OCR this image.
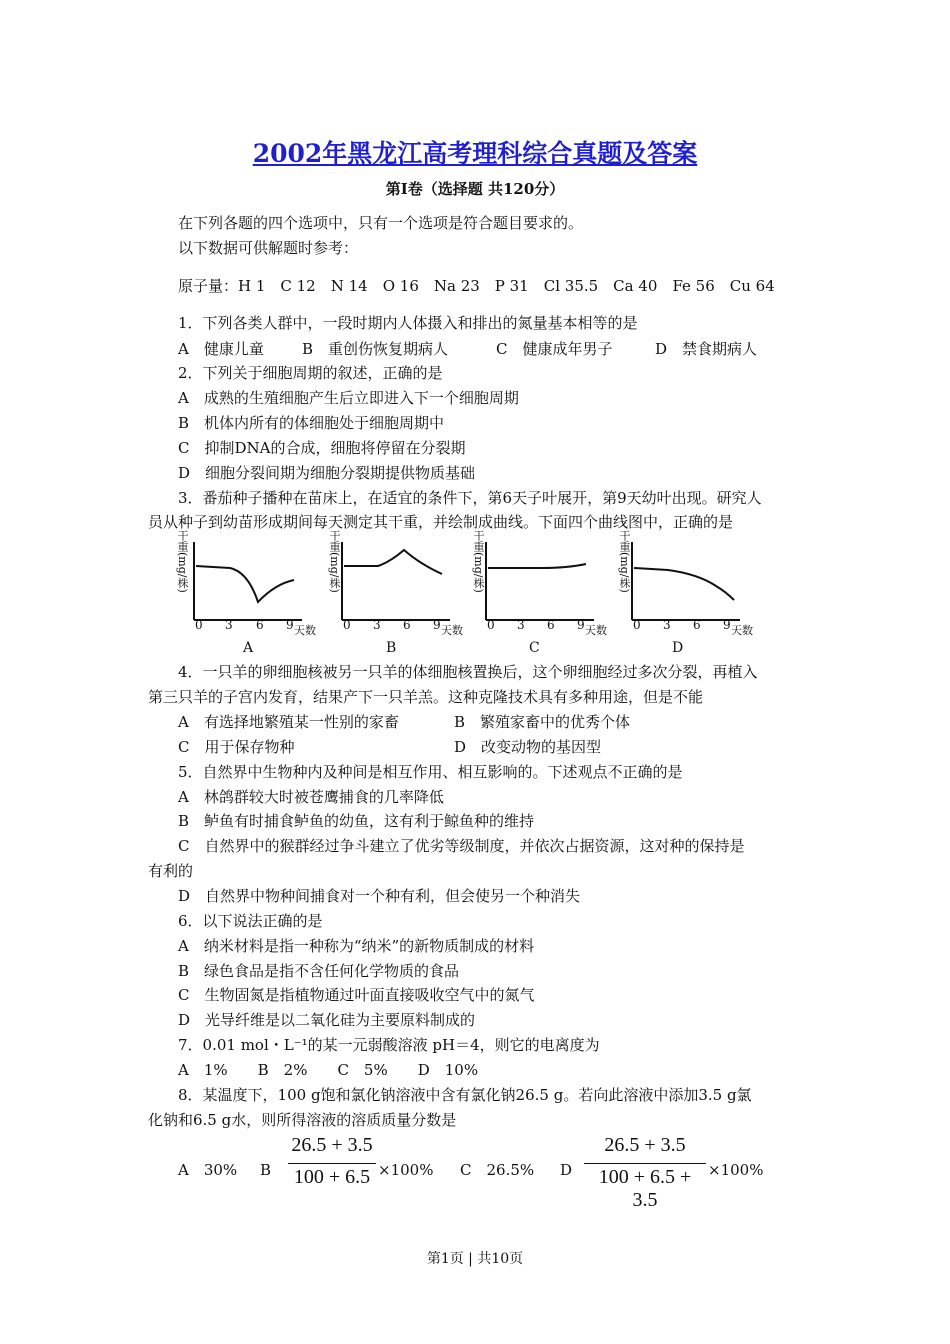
2002年黑龙江高考理科综合真题及答案
第Ⅰ卷（选择题 共120分）
在下列各题的四个选项中，只有一个选项是符合题目要求的。
以下数据可供解题时参考：
原子量：H 1　C 12　N 14　O 16　Na 23　P 31　Cl 35.5　Ca 40　Fe 56　Cu 64
1．下列各类人群中，一段时期内人体摄入和排出的氮量基本相等的是
A　健康儿童	B　重创伤恢复期病人	C　健康成年男子	D　禁食期病人
2．下列关于细胞周期的叙述，正确的是
A　成熟的生殖细胞产生后立即进入下一个细胞周期
B　机体内所有的体细胞处于细胞周期中
C　抑制DNA的合成，细胞将停留在分裂期
D　细胞分裂间期为细胞分裂期提供物质基础
3．番茄种子播种在苗床上，在适宜的条件下，第6天子叶展开，第9天幼叶出现。研究人
员从种子到幼苗形成期间每天测定其干重，并绘制成曲线。下面四个曲线图中，正确的是
干重(mg/株)
0 3 6 9 天数
A
干重(mg/株)
0 3 6 9 天数
B
干重(mg/株)
0 3 6 9 天数
C
干重(mg/株)
0 3 6 9 天数
D
4．一只羊的卵细胞核被另一只羊的体细胞核置换后，这个卵细胞经过多次分裂，再植入
第三只羊的子宫内发育，结果产下一只羊羔。这种克隆技术具有多种用途，但是不能
A　有选择地繁殖某一性别的家畜	B　繁殖家畜中的优秀个体
C　用于保存物种	D　改变动物的基因型
5．自然界中生物种内及种间是相互作用、相互影响的。下述观点不正确的是
A　林鸽群较大时被苍鹰捕食的几率降低
B　鲈鱼有时捕食鲈鱼的幼鱼，这有利于鲸鱼种的维持
C　自然界中的猴群经过争斗建立了优劣等级制度，并依次占据资源，这对种的保持是
有利的
D　自然界中物种间捕食对一个种有利，但会使另一个种消失
6．以下说法正确的是
A　纳米材料是指一种称为“纳米”的新物质制成的材料
B　绿色食品是指不含任何化学物质的食品
C　生物固氮是指植物通过叶面直接吸收空气中的氮气
D　光导纤维是以二氧化硅为主要原料制成的
7．0.01 mol・L⁻¹的某一元弱酸溶液 pH＝4，则它的电离度为
A　1%　　B　2%　　C　5%　　D　10%
8．某温度下，100 g饱和氯化钠溶液中含有氯化钠26.5 g。若向此溶液中添加3.5 g氯
化钠和6.5 g水，则所得溶液的溶质质量分数是
A　30% B
26.5 + 3.5
100 + 6.5 ×100% C　26.5% D
26.5 + 3.5
100 + 6.5 + 3.5
×100%
第1页 | 共10页
